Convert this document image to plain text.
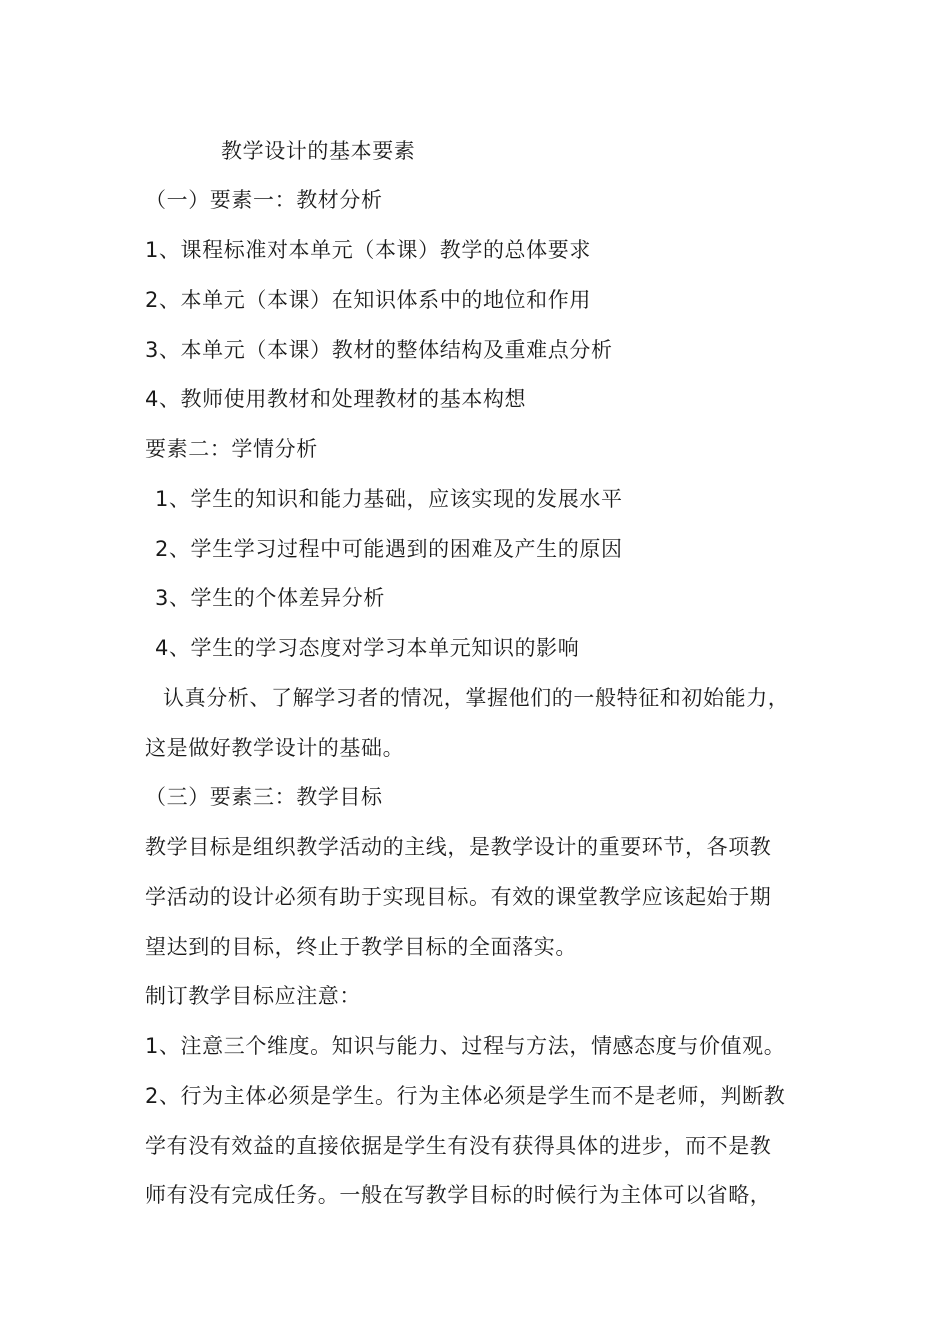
教学设计的基本要素
（一）要素一：教材分析
1、课程标准对本单元（本课）教学的总体要求
2、本单元（本课）在知识体系中的地位和作用
3、本单元（本课）教材的整体结构及重难点分析
4、教师使用教材和处理教材的基本构想
要素二：学情分析
1、学生的知识和能力基础，应该实现的发展水平
2、学生学习过程中可能遇到的困难及产生的原因
3、学生的个体差异分析
4、学生的学习态度对学习本单元知识的影响
认真分析、了解学习者的情况，掌握他们的一般特征和初始能力，
这是做好教学设计的基础。
（三）要素三：教学目标
教学目标是组织教学活动的主线，是教学设计的重要环节，各项教
学活动的设计必须有助于实现目标。有效的课堂教学应该起始于期
望达到的目标，终止于教学目标的全面落实。
制订教学目标应注意：
1、注意三个维度。知识与能力、过程与方法，情感态度与价值观。
2、行为主体必须是学生。行为主体必须是学生而不是老师，判断教
学有没有效益的直接依据是学生有没有获得具体的进步，而不是教
师有没有完成任务。一般在写教学目标的时候行为主体可以省略，
